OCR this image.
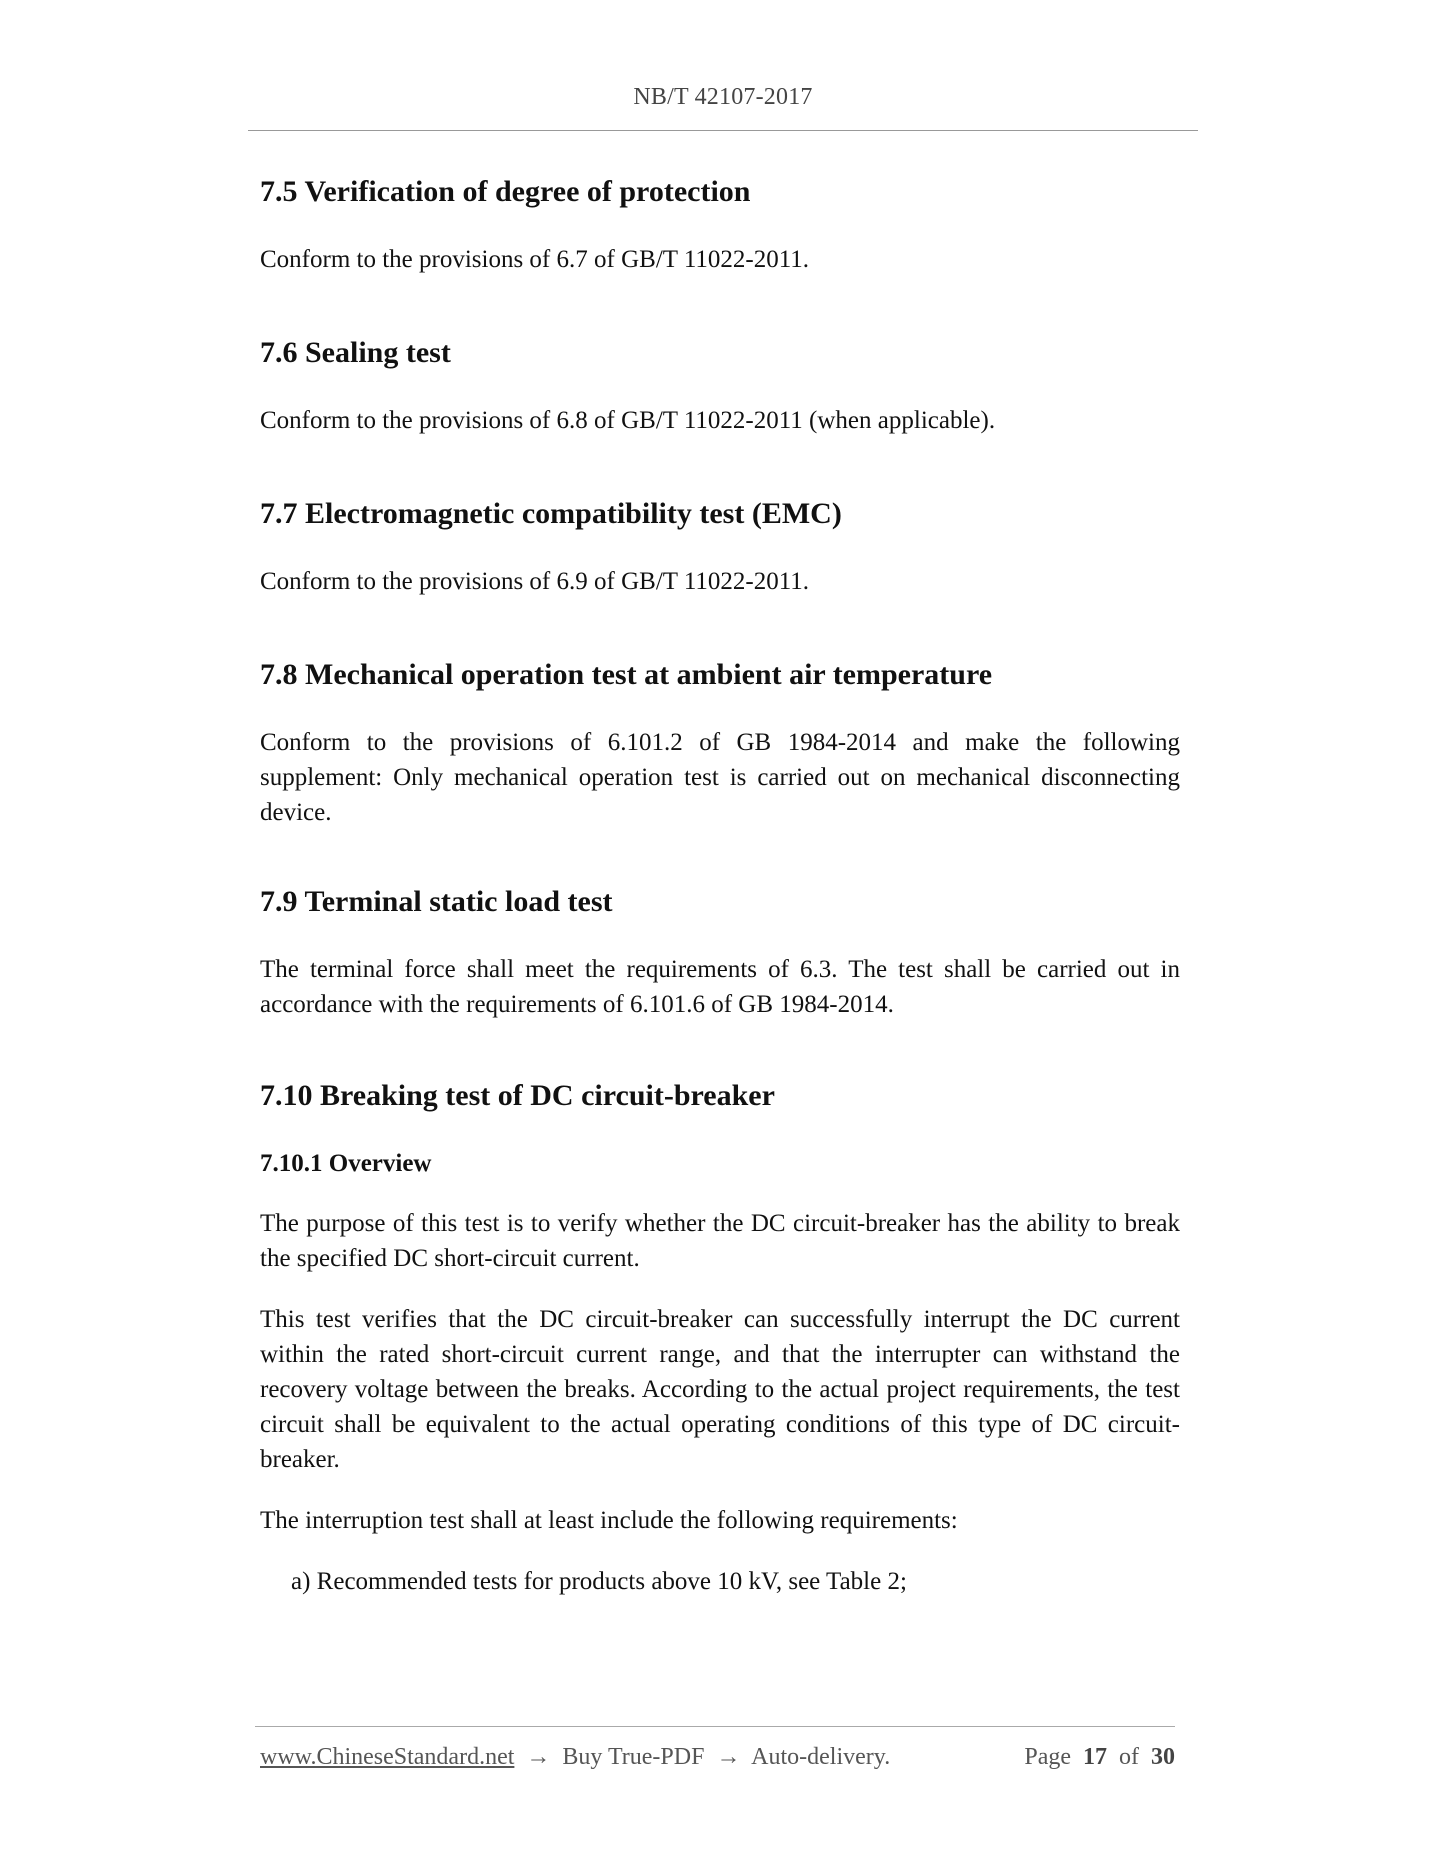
NB/T 42107-2017
7.5 Verification of degree of protection
Conform to the provisions of 6.7 of GB/T 11022-2011.
7.6 Sealing test
Conform to the provisions of 6.8 of GB/T 11022-2011 (when applicable).
7.7 Electromagnetic compatibility test (EMC)
Conform to the provisions of 6.9 of GB/T 11022-2011.
7.8 Mechanical operation test at ambient air temperature
Conform to the provisions of 6.101.2 of GB 1984-2014 and make the following supplement: Only mechanical operation test is carried out on mechanical disconnecting device.
7.9 Terminal static load test
The terminal force shall meet the requirements of 6.3. The test shall be carried out in accordance with the requirements of 6.101.6 of GB 1984-2014.
7.10 Breaking test of DC circuit-breaker
7.10.1 Overview
The purpose of this test is to verify whether the DC circuit-breaker has the ability to break the specified DC short-circuit current.
This test verifies that the DC circuit-breaker can successfully interrupt the DC current within the rated short-circuit current range, and that the interrupter can withstand the recovery voltage between the breaks. According to the actual project requirements, the test circuit shall be equivalent to the actual operating conditions of this type of DC circuit-breaker.
The interruption test shall at least include the following requirements:
a) Recommended tests for products above 10 kV, see Table 2;
www.ChineseStandard.net → Buy True-PDF → Auto-delivery.	Page 17 of 30
